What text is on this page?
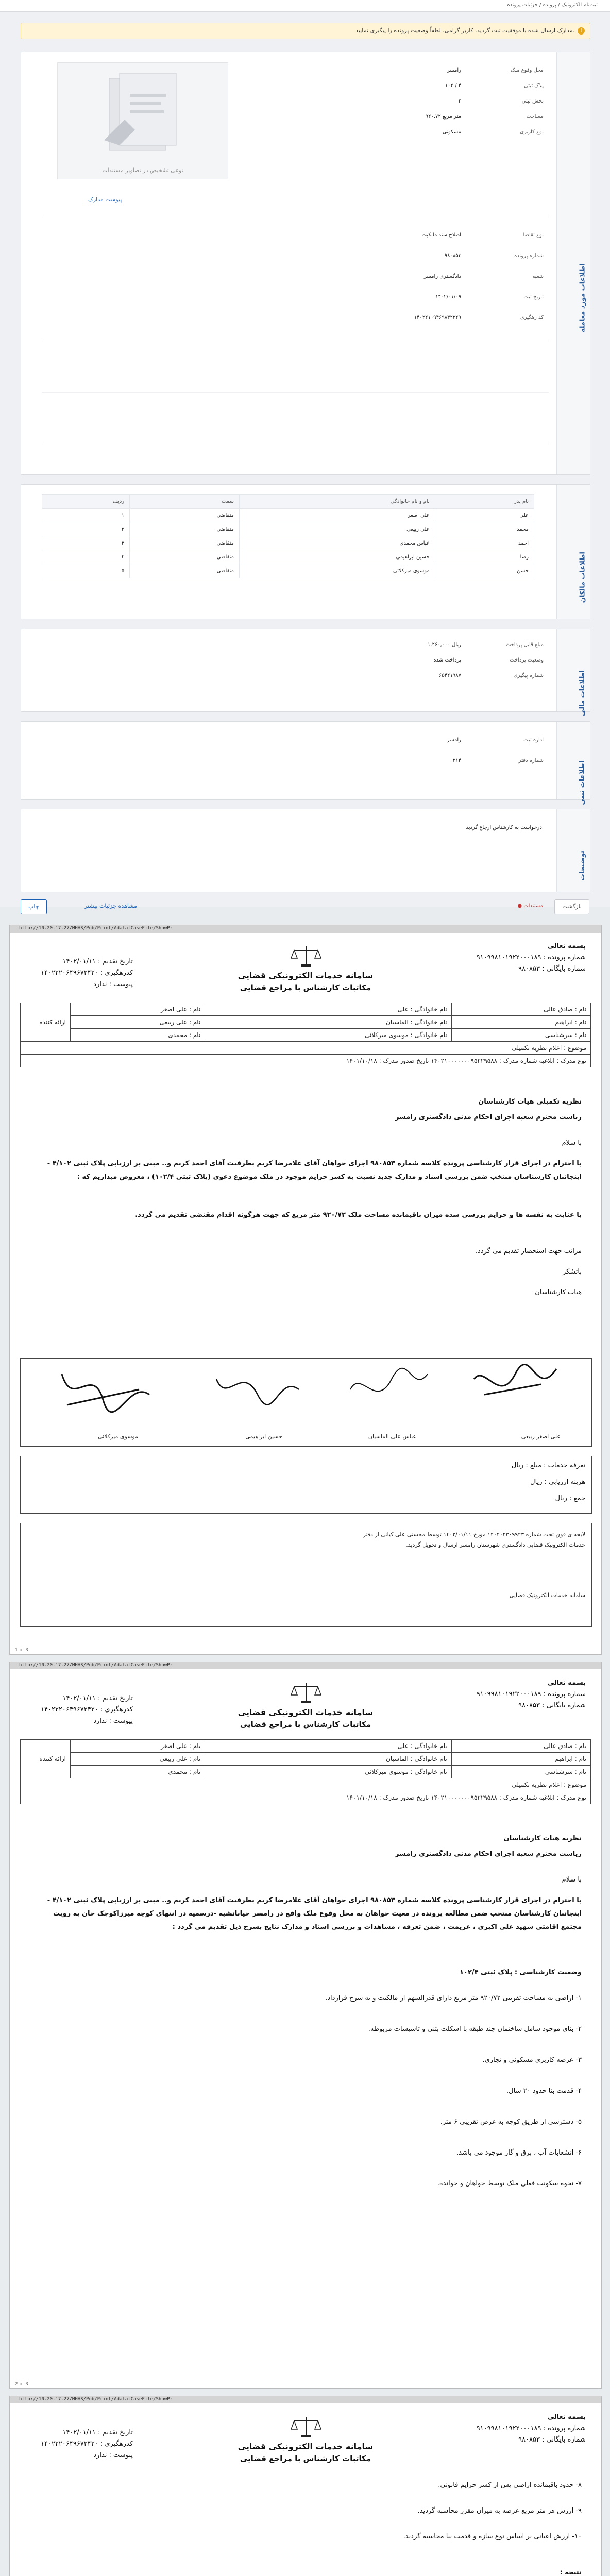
ثبت‌نام الکترونیک / پرونده / جزئیات پرونده
!
مدارک ارسال شده با موفقیت ثبت گردید. کاربر گرامی، لطفاً وضعیت پرونده را پیگیری نمایید.
اطلاعات مورد معامله
نوعی تشخیص در تصاویر مستندات
پیوست مدارک
محل وقوع ملک
رامسر
پلاک ثبتی
۱۰۲ / ۴
بخش ثبتی
۲
مساحت
۹۲۰.۷۲ متر مربع
نوع کاربری
مسکونی
نوع تقاضا
اصلاح سند مالکیت
شماره پرونده
۹۸۰۸۵۳
شعبه
دادگستری رامسر
تاریخ ثبت
۱۴۰۲/۰۱/۰۹
کد رهگیری
۱۴۰۲۲۱۰۹۴۶۹۸۴۲۲۲۹
اطلاعات مالکان
ردیف	سمت	نام و نام خانوادگی	نام پدر
۱	متقاضی	علی اصغر	علی
۲	متقاضی	علی ربیعی	محمد
۳	متقاضی	عباس محمدی	احمد
۴	متقاضی	حسین ابراهیمی	رضا
۵	متقاضی	موسوی میرکلائی	حسن
اطلاعات مالی
مبلغ قابل پرداخت
۱,۲۶۰,۰۰۰ ریال
وضعیت پرداخت
پرداخت شده
شماره پیگیری
۶۵۴۲۱۹۸۷
اطلاعات ثبتی
اداره ثبت
رامسر
شماره دفتر
۲۱۴
توضیحات
درخواست به کارشناس ارجاع گردید.
● مستندات	بازگشت
چاپ	مشاهده جزئیات بیشتر
http://10.20.17.27/MHHS/Pub/Print/AdalatCaseFile/ShowPr
سامانه خدمات الکترونیکی قضایی
مکاتبات کارشناس با مراجع قضایی
بسمه تعالی
شماره پرونده : ۹۱۰۹۹۸۱۰۱۹۲۲۰۰۰۱۸۹
شماره بایگانی : ۹۸۰۸۵۳
تاریخ تقدیم : ۱۴۰۲/۰۱/۱۱
کدرهگیری : ۱۴۰۲۲۲۰۶۴۹۶۷۲۴۲۰
پیوست : ندارد
ارائه کننده	نام : علی اصغر	نام خانوادگی : علی	نام : صادق عالی
	نام : علی ربیعی	نام خانوادگی : الماسیان	نام : ابراهیم
	نام : محمدی	نام خانوادگی : موسوی میرکلائی	نام : سرشناسی
موضوع : اعلام نظریه تکمیلی			
نوع مدرک : ابلاغیه شماره مدرک : ۱۴۰۲۱۰۰۰۰۰۰۰۹۵۲۲۹۵۸۸ تاریخ صدور مدرک : ۱۴۰۱/۱۰/۱۸			
نظریه تکمیلی هیات کارشناسان
ریاست محترم شعبه اجرای احکام مدنی دادگستری رامسر
با سلام
با احترام در اجرای قرار کارشناسی پرونده کلاسه شماره ۹۸۰۸۵۳ اجرای خواهان آقای غلامرضا کریم بطرفیت آقای احمد کریم و.. مبنی بر ارزیابی پلاک ثبتی ۴/۱۰۲ - اینجانبان کارشناسان منتخب ضمن بررسی اسناد و مدارک جدید نسبت به کسر حرایم موجود در ملک موضوع دعوی (پلاک ثبتی ۱۰۲/۴) ، معروض میداریم که :
با عنایت به نقشه ها و حرایم بررسی شده میزان باقیمانده مساحت ملک ۹۲۰/۷۲ متر مربع که جهت هرگونه اقدام مقتضی تقدیم می گردد.
مراتب جهت استحضار تقدیم می گردد.
باتشکر
هیات کارشناسان
علی اصغر ربیعی
عباس علی الماسیان
حسین ابراهیمی
موسوی میرکلائی
تعرفه خدمات : مبلغ : ریال
هزینه ارزیابی : ریال
جمع : ریال
لایحه ی فوق تحت شماره ۱۴۰۲۰۲۳۰۹۹۲۳ مورخ ۱۴۰۲/۰۱/۱۱ توسط محسنی علی کیانی از دفتر خدمات الکترونیک قضایی دادگستری شهرستان رامسر ارسال و تحویل گردید.
سامانه خدمات الکترونیک قضایی
1 of 3
http://10.20.17.27/MHHS/Pub/Print/AdalatCaseFile/ShowPr
سامانه خدمات الکترونیکی قضایی
مکاتبات کارشناس با مراجع قضایی
بسمه تعالی
شماره پرونده : ۹۱۰۹۹۸۱۰۱۹۲۲۰۰۰۱۸۹
شماره بایگانی : ۹۸۰۸۵۳
تاریخ تقدیم : ۱۴۰۲/۰۱/۱۱
کدرهگیری : ۱۴۰۲۲۲۰۶۴۹۶۷۲۴۲۰
پیوست : ندارد
ارائه کننده	نام : علی اصغر	نام خانوادگی : علی	نام : صادق عالی
	نام : علی ربیعی	نام خانوادگی : الماسیان	نام : ابراهیم
	نام : محمدی	نام خانوادگی : موسوی میرکلائی	نام : سرشناسی
موضوع : اعلام نظریه تکمیلی			
نوع مدرک : ابلاغیه شماره مدرک : ۱۴۰۲۱۰۰۰۰۰۰۰۹۵۲۲۹۵۸۸ تاریخ صدور مدرک : ۱۴۰۱/۱۰/۱۸			
نظریه هیات کارشناسان
ریاست محترم شعبه اجرای احکام مدنی دادگستری رامسر
با سلام
با احترام در اجرای قرار کارشناسی پرونده کلاسه شماره ۹۸۰۸۵۳ اجرای خواهان آقای غلامرضا کریم بطرفیت آقای احمد کریم و.. مبنی بر ارزیابی پلاک ثبتی ۴/۱۰۲ - اینجانبان کارشناسان منتخب ضمن مطالعه پرونده در معیت خواهان به محل وقوع ملک واقع در رامسر خیابانشیه -درسمیه در انتهای کوچه میرزاکوچک خان به رویت مجتمع اقامتی شهید علی اکبری ، عزیمت ، ضمن تعرفه ، مشاهدات و بررسی اسناد و مدارک نتایج بشرح ذیل تقدیم می گردد :
وضعیت کارشناسی : پلاک ثبتی ۱۰۲/۴
۱- اراضی به مساحت تقریبی ۹۲۰/۷۲ متر مربع دارای قدرالسهم از مالکیت و به شرح قرارداد.
۲- بنای موجود شامل ساختمان چند طبقه با اسکلت بتنی و تاسیسات مربوطه.
۳- عرصه کاربری مسکونی و تجاری.
۴- قدمت بنا حدود ۲۰ سال.
۵- دسترسی از طریق کوچه به عرض تقریبی ۶ متر.
۶- انشعابات آب ، برق و گاز موجود می باشد.
۷- نحوه سکونت فعلی ملک توسط خواهان و خوانده.
2 of 3
http://10.20.17.27/MHHS/Pub/Print/AdalatCaseFile/ShowPr
سامانه خدمات الکترونیکی قضایی
مکاتبات کارشناس با مراجع قضایی
بسمه تعالی
شماره پرونده : ۹۱۰۹۹۸۱۰۱۹۲۲۰۰۰۱۸۹
شماره بایگانی : ۹۸۰۸۵۳
تاریخ تقدیم : ۱۴۰۲/۰۱/۱۱
کدرهگیری : ۱۴۰۲۲۲۰۶۴۹۶۷۲۴۲۰
پیوست : ندارد
۸- حدود باقیمانده اراضی پس از کسر حرایم قانونی.
۹- ارزش هر متر مربع عرصه به میزان مقرر محاسبه گردید.
۱۰- ارزش اعیانی بر اساس نوع سازه و قدمت بنا محاسبه گردید.
نتیجه :
